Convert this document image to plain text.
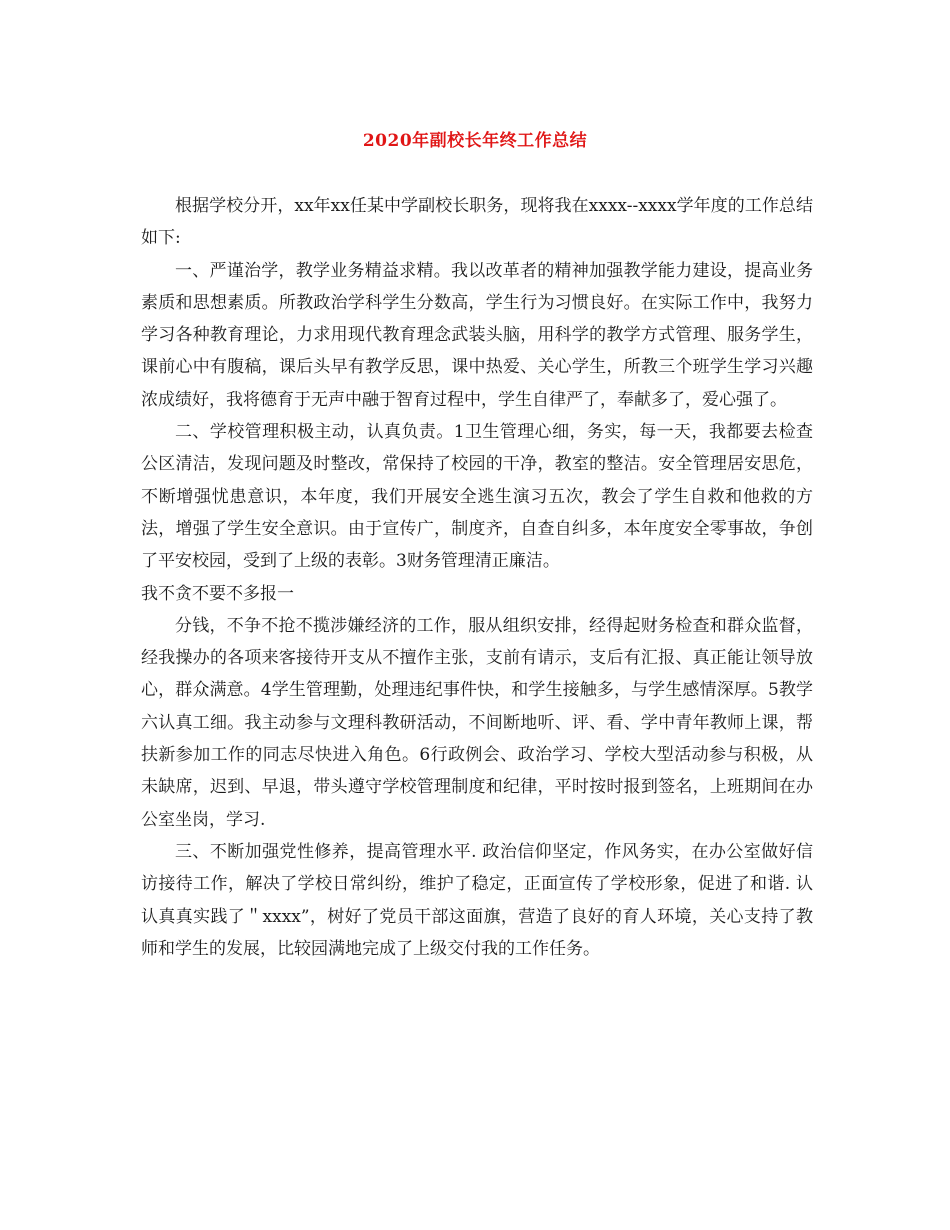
2020年副校长年终工作总结

根据学校分开，xx年xx任某中学副校长职务，现将我在xxxx--xxxx学年度的工作总结如下:

一、严谨治学，教学业务精益求精。我以改革者的精神加强教学能力建设，提高业务素质和思想素质。所教政治学科学生分数高，学生行为习惯良好。在实际工作中，我努力学习各种教育理论，力求用现代教育理念武装头脑，用科学的教学方式管理、服务学生，课前心中有腹稿，课后头早有教学反思，课中热爱、关心学生，所教三个班学生学习兴趣浓成绩好，我将德育于无声中融于智育过程中，学生自律严了，奉献多了，爱心强了。

二、学校管理积极主动，认真负责。1卫生管理心细，务实，每一天，我都要去检查公区清洁，发现问题及时整改，常保持了校园的干净，教室的整洁。安全管理居安思危，不断增强忧患意识，本年度，我们开展安全逃生演习五次，教会了学生自救和他救的方法，增强了学生安全意识。由于宣传广，制度齐，自查自纠多，本年度安全零事故，争创了平安校园，受到了上级的表彰。3财务管理清正廉洁。

我不贪不要不多报一

分钱，不争不抢不揽涉嫌经济的工作，服从组织安排，经得起财务检查和群众监督，经我操办的各项来客接待开支从不擅作主张，支前有请示，支后有汇报、真正能让领导放心，群众满意。4学生管理勤，处理违纪事件快，和学生接触多，与学生感情深厚。5教学六认真工细。我主动参与文理科教研活动，不间断地听、评、看、学中青年教师上课，帮扶新参加工作的同志尽快进入角色。6行政例会、政治学习、学校大型活动参与积极，从未缺席，迟到、早退，带头遵守学校管理制度和纪律，平时按时报到签名，上班期间在办公室坐岗，学习.

三、不断加强党性修养，提高管理水平. 政治信仰坚定，作风务实，在办公室做好信访接待工作，解决了学校日常纠纷，维护了稳定，正面宣传了学校形象，促进了和谐. 认认真真实践了＂xxxx”，树好了党员干部这面旗，营造了良好的育人环境，关心支持了教师和学生的发展，比较园满地完成了上级交付我的工作任务。
